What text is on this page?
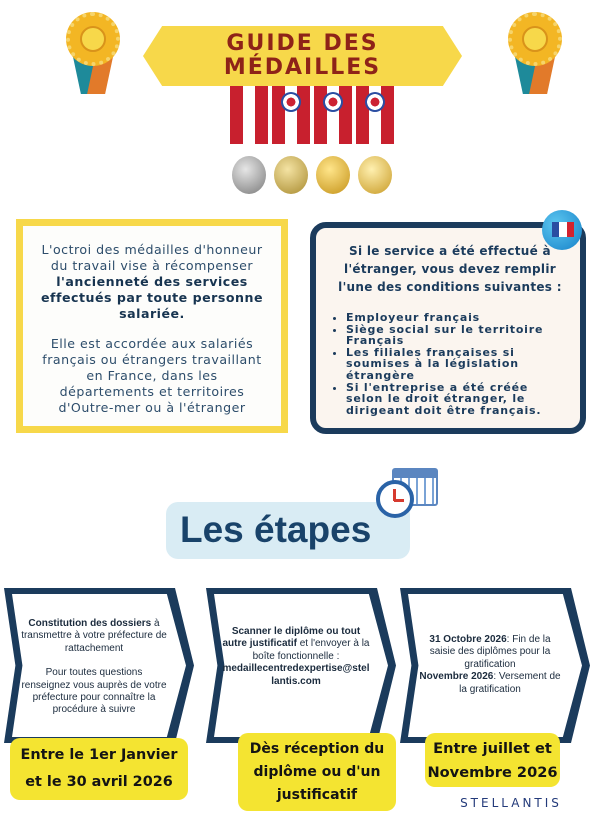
GUIDE DES MÉDAILLES

L'octroi des médailles d'honneur du travail vise à récompenser l'ancienneté des services effectués par toute personne salariée.

Elle est accordée aux salariés français ou étrangers travaillant en France, dans les départements et territoires d'Outre-mer ou à l'étranger

Si le service a été effectué à l'étranger, vous devez remplir l'une des conditions suivantes :
• Employeur français
• Siège social sur le territoire Français
• Les filiales françaises si soumises à la législation étrangère
• Si l'entreprise a été créée selon le droit étranger, le dirigeant doit être français.
Les étapes
Constitution des dossiers à transmettre à votre préfecture de rattachement
Pour toutes questions renseignez vous auprès de votre préfecture pour connaître la procédure à suivre
Scanner le diplôme ou tout autre justificatif et l'envoyer à la boîte fonctionnelle :
medaillecentredexpertise@stellantis.com
31 Octobre 2026: Fin de la saisie des diplômes pour la gratification
Novembre 2026: Versement de la gratification
Entre le 1er Janvier et le 30 avril 2026
Dès réception du diplôme ou d'un justificatif
Entre juillet et Novembre 2026
STELLANTIS
